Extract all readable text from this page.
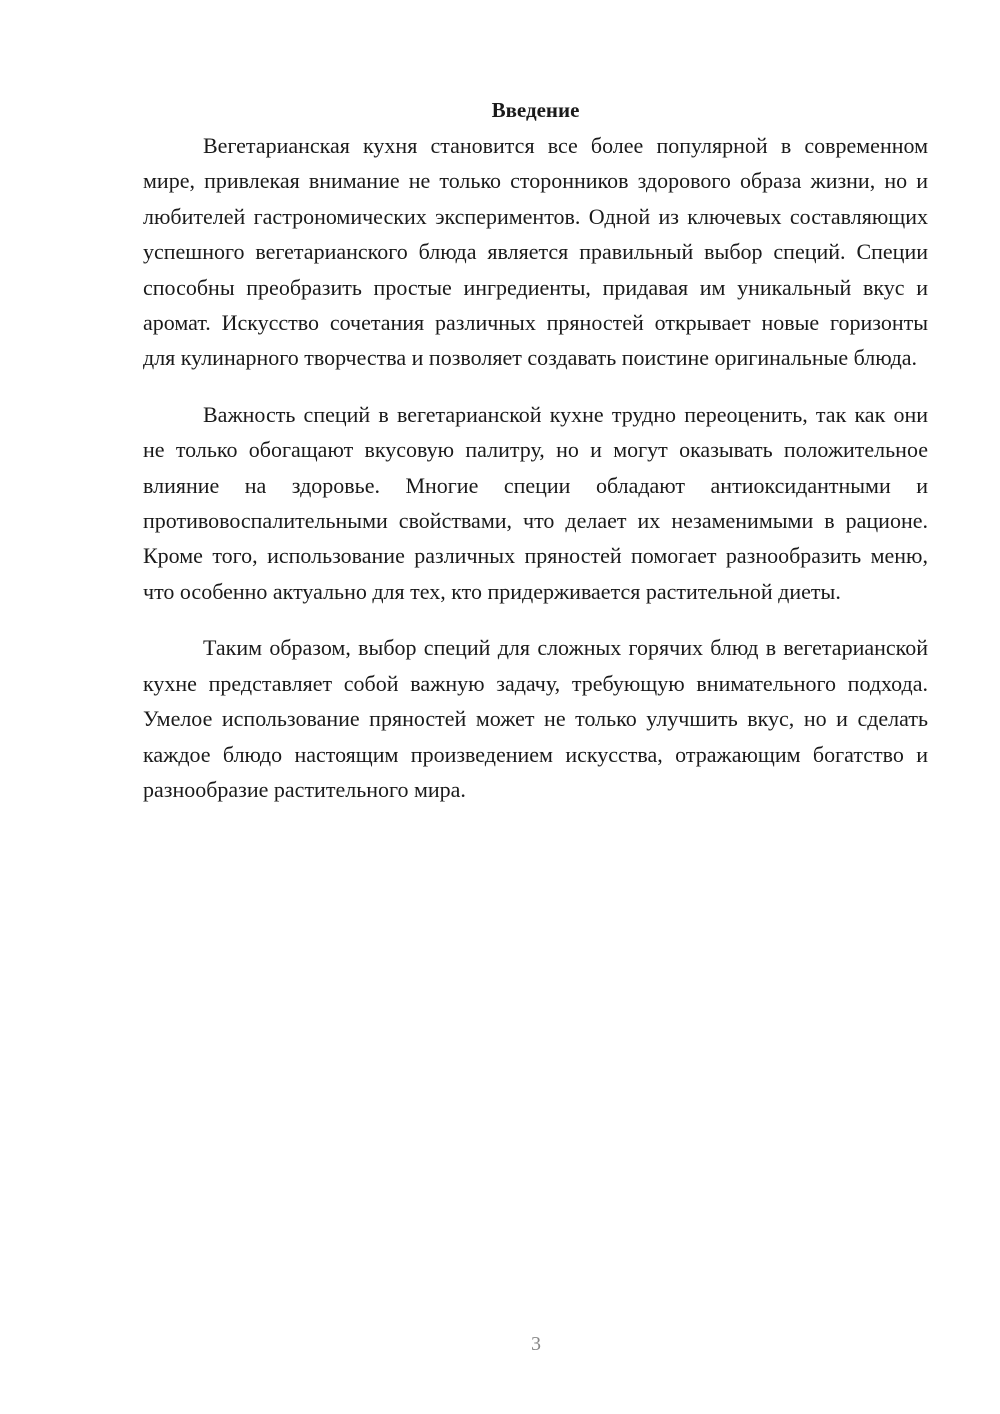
Введение

Вегетарианская кухня становится все более популярной в современном мире, привлекая внимание не только сторонников здорового образа жизни, но и любителей гастрономических экспериментов. Одной из ключевых составляющих успешного вегетарианского блюда является правильный выбор специй. Специи способны преобразить простые ингредиенты, придавая им уникальный вкус и аромат. Искусство сочетания различных пряностей открывает новые горизонты для кулинарного творчества и позволяет создавать поистине оригинальные блюда.

Важность специй в вегетарианской кухне трудно переоценить, так как они не только обогащают вкусовую палитру, но и могут оказывать положительное влияние на здоровье. Многие специи обладают антиоксидантными и противовоспалительными свойствами, что делает их незаменимыми в рационе. Кроме того, использование различных пряностей помогает разнообразить меню, что особенно актуально для тех, кто придерживается растительной диеты.

Таким образом, выбор специй для сложных горячих блюд в вегетарианской кухне представляет собой важную задачу, требующую внимательного подхода. Умелое использование пряностей может не только улучшить вкус, но и сделать каждое блюдо настоящим произведением искусства, отражающим богатство и разнообразие растительного мира.

3
